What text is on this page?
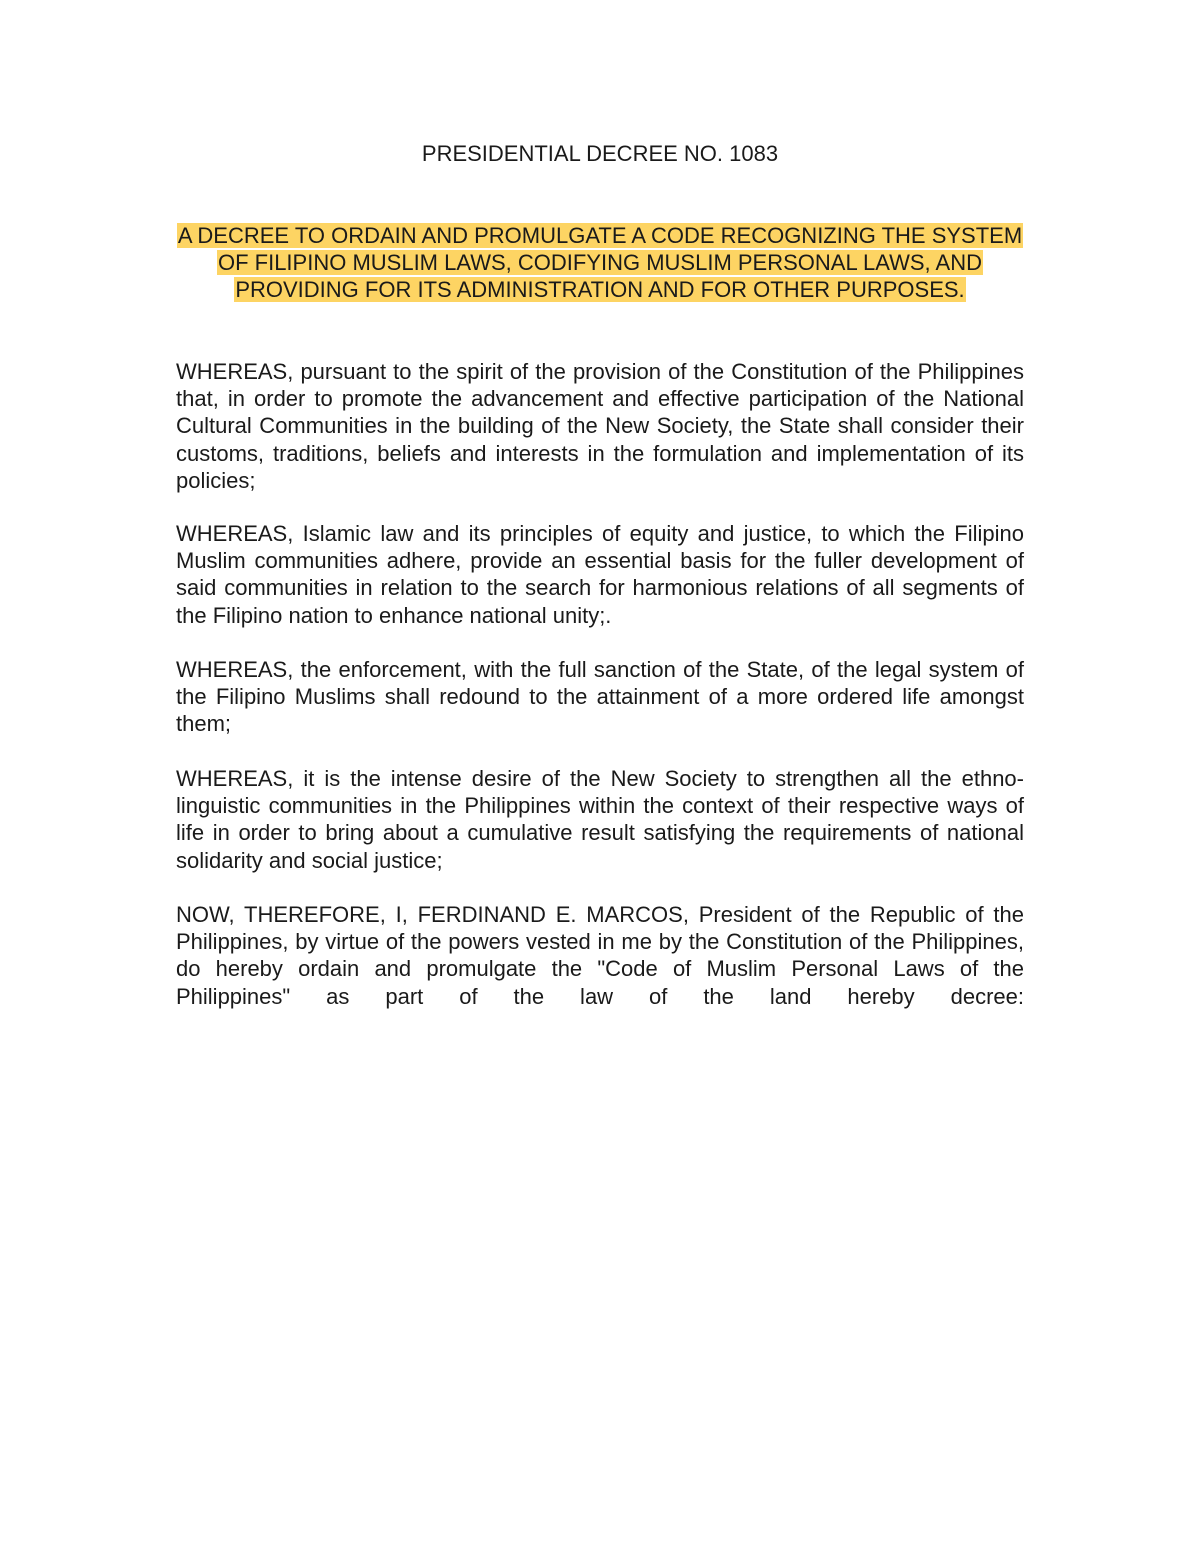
PRESIDENTIAL DECREE NO. 1083

A DECREE TO ORDAIN AND PROMULGATE A CODE RECOGNIZING THE SYSTEM OF FILIPINO MUSLIM LAWS, CODIFYING MUSLIM PERSONAL LAWS, AND PROVIDING FOR ITS ADMINISTRATION AND FOR OTHER PURPOSES.

WHEREAS, pursuant to the spirit of the provision of the Constitution of the Philippines that, in order to promote the advancement and effective participation of the National Cultural Communities in the building of the New Society, the State shall consider their customs, traditions, beliefs and interests in the formulation and implementation of its policies;

WHEREAS, Islamic law and its principles of equity and justice, to which the Filipino Muslim communities adhere, provide an essential basis for the fuller development of said communities in relation to the search for harmonious relations of all segments of the Filipino nation to enhance national unity;.

WHEREAS, the enforcement, with the full sanction of the State, of the legal system of the Filipino Muslims shall redound to the attainment of a more ordered life amongst them;

WHEREAS, it is the intense desire of the New Society to strengthen all the ethno-linguistic communities in the Philippines within the context of their respective ways of life in order to bring about a cumulative result satisfying the requirements of national solidarity and social justice;

NOW, THEREFORE, I, FERDINAND E. MARCOS, President of the Republic of the Philippines, by virtue of the powers vested in me by the Constitution of the Philippines, do hereby ordain and promulgate the "Code of Muslim Personal Laws of the Philippines" as part of the law of the land hereby decree:
